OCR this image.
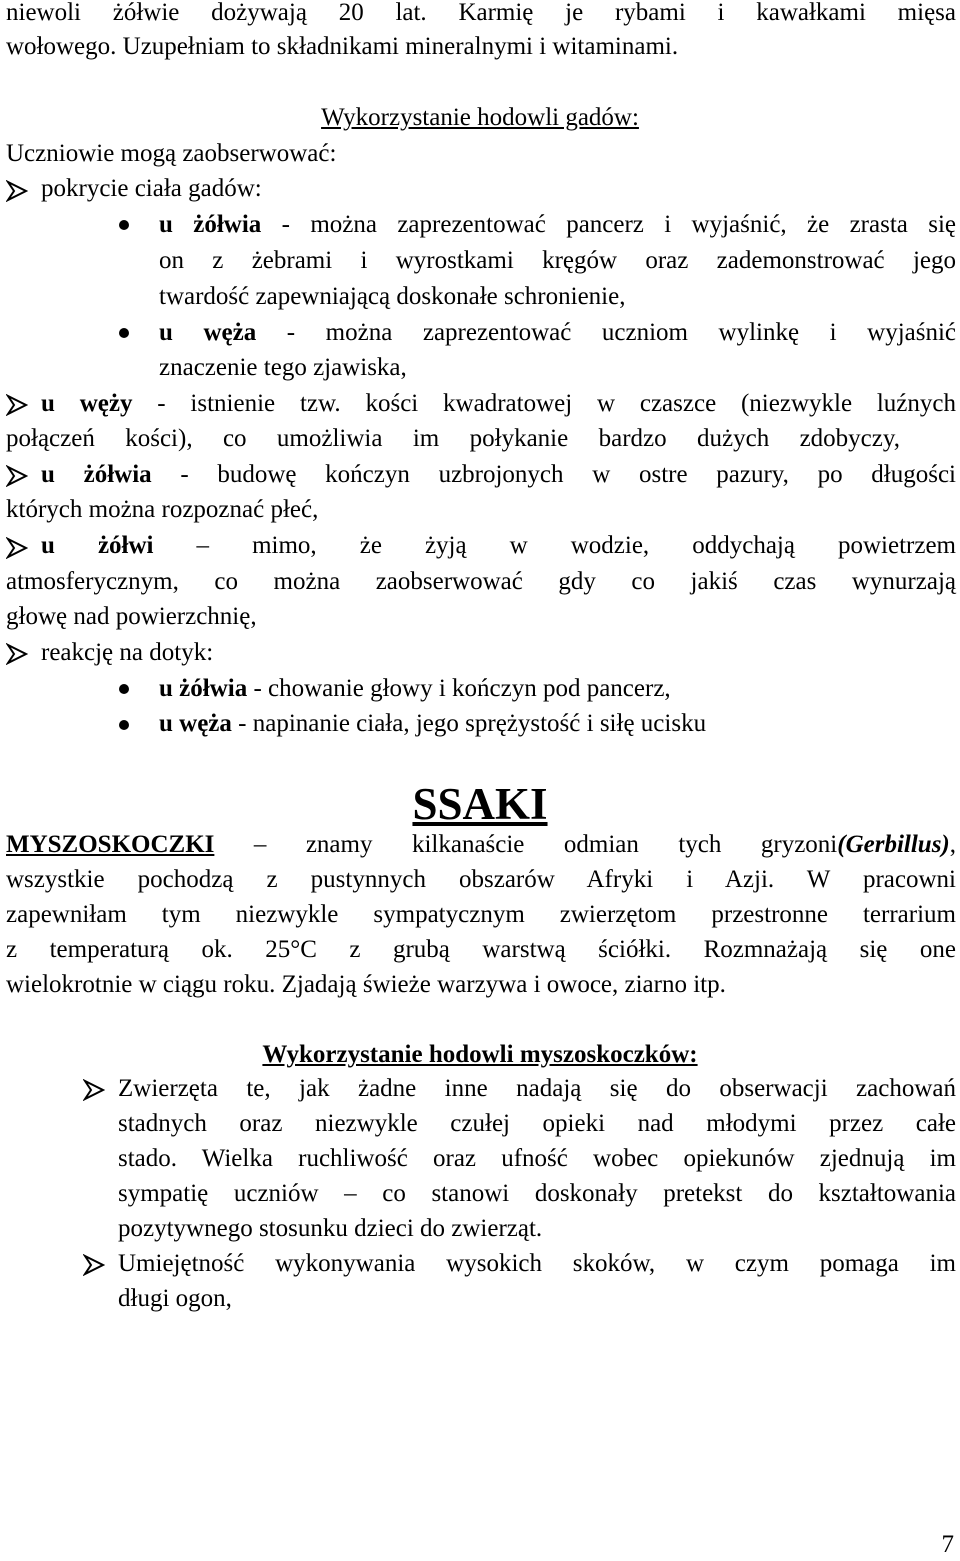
niewoli żółwie dożywają 20 lat. Karmię je rybami i kawałkami mięsa
wołowego. Uzupełniam to składnikami mineralnymi i witaminami.
Wykorzystanie hodowli gadów:
Uczniowie mogą zaobserwować:
pokrycie ciała gadów:
u żółwia - można zaprezentować pancerz i wyjaśnić, że zrasta się
on z żebrami i wyrostkami kręgów oraz zademonstrować jego
twardość zapewniającą doskonałe schronienie,
u węża - można zaprezentować uczniom wylinkę i wyjaśnić
znaczenie tego zjawiska,
u węży - istnienie tzw. kości kwadratowej w czaszce (niezwykle luźnych
połączeń kości), co umożliwia im połykanie bardzo dużych zdobyczy,
u żółwia - budowę kończyn uzbrojonych w ostre pazury, po długości
których można rozpoznać płeć,
u żółwi – mimo, że żyją w wodzie, oddychają powietrzem
atmosferycznym, co można zaobserwować gdy co jakiś czas wynurzają
głowę nad powierzchnię,
reakcję na dotyk:
u żółwia - chowanie głowy i kończyn pod pancerz,
u węża - napinanie ciała, jego sprężystość i siłę ucisku
SSAKI
MYSZOSKOCZKI – znamy kilkanaście odmian tych gryzoni(Gerbillus),
wszystkie pochodzą z pustynnych obszarów Afryki i Azji. W pracowni
zapewniłam tym niezwykle sympatycznym zwierzętom przestronne terrarium
z temperaturą ok. 25°C z grubą warstwą ściółki. Rozmnażają się one
wielokrotnie w ciągu roku. Zjadają świeże warzywa i owoce, ziarno itp.
Wykorzystanie hodowli myszoskoczków:
Zwierzęta te, jak żadne inne nadają się do obserwacji zachowań
stadnych oraz niezwykle czułej opieki nad młodymi przez całe
stado. Wielka ruchliwość oraz ufność wobec opiekunów zjednują im
sympatię uczniów – co stanowi doskonały pretekst do kształtowania
pozytywnego stosunku dzieci do zwierząt.
Umiejętność wykonywania wysokich skoków, w czym pomaga im
długi ogon,
7
